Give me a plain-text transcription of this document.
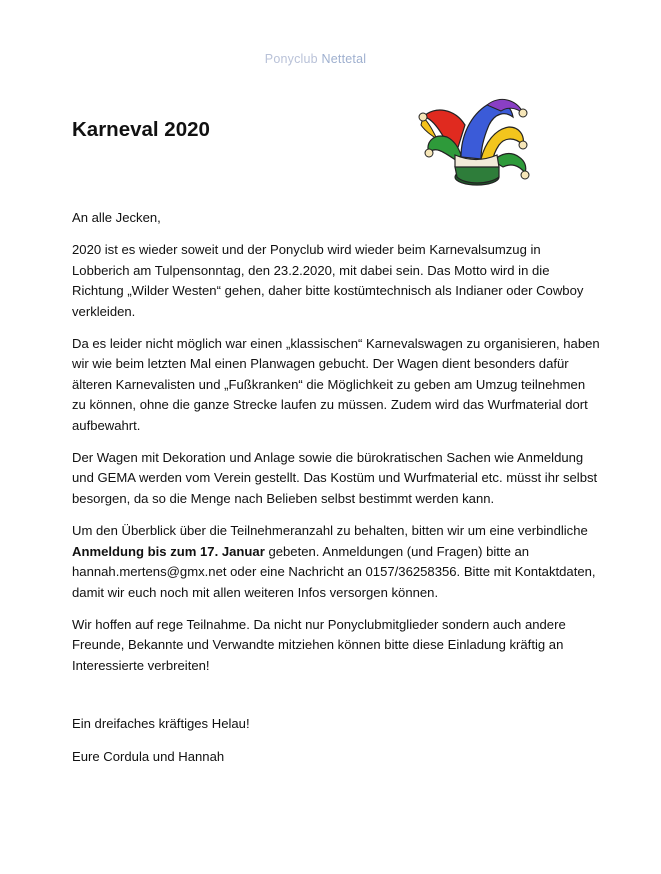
Ponyclub Nettetal
Karneval 2020

An alle Jecken,

2020 ist es wieder soweit und der Ponyclub wird wieder beim Karnevalsumzug in Lobberich am Tulpensonntag, den 23.2.2020, mit dabei sein. Das Motto wird in die Richtung „Wilder Westen“ gehen, daher bitte kostümtechnisch als Indianer oder Cowboy verkleiden.

Da es leider nicht möglich war einen „klassischen“ Karnevalswagen zu organisieren, haben wir wie beim letzten Mal einen Planwagen gebucht. Der Wagen dient besonders dafür älteren Karnevalisten und „Fußkranken“ die Möglichkeit zu geben am Umzug teilnehmen zu können, ohne die ganze Strecke laufen zu müssen. Zudem wird das Wurfmaterial dort aufbewahrt.

Der Wagen mit Dekoration und Anlage sowie die bürokratischen Sachen wie Anmeldung und GEMA werden vom Verein gestellt. Das Kostüm und Wurfmaterial etc. müsst ihr selbst besorgen, da so die Menge nach Belieben selbst bestimmt werden kann.

Um den Überblick über die Teilnehmeranzahl zu behalten, bitten wir um eine verbindliche Anmeldung bis zum 17. Januar gebeten. Anmeldungen (und Fragen) bitte an hannah.mertens@gmx.net oder eine Nachricht an 0157/36258356. Bitte mit Kontaktdaten, damit wir euch noch mit allen weiteren Infos versorgen können.

Wir hoffen auf rege Teilnahme. Da nicht nur Ponyclubmitglieder sondern auch andere Freunde, Bekannte und Verwandte mitziehen können bitte diese Einladung kräftig an Interessierte verbreiten!

Ein dreifaches kräftiges Helau!

Eure Cordula und Hannah
